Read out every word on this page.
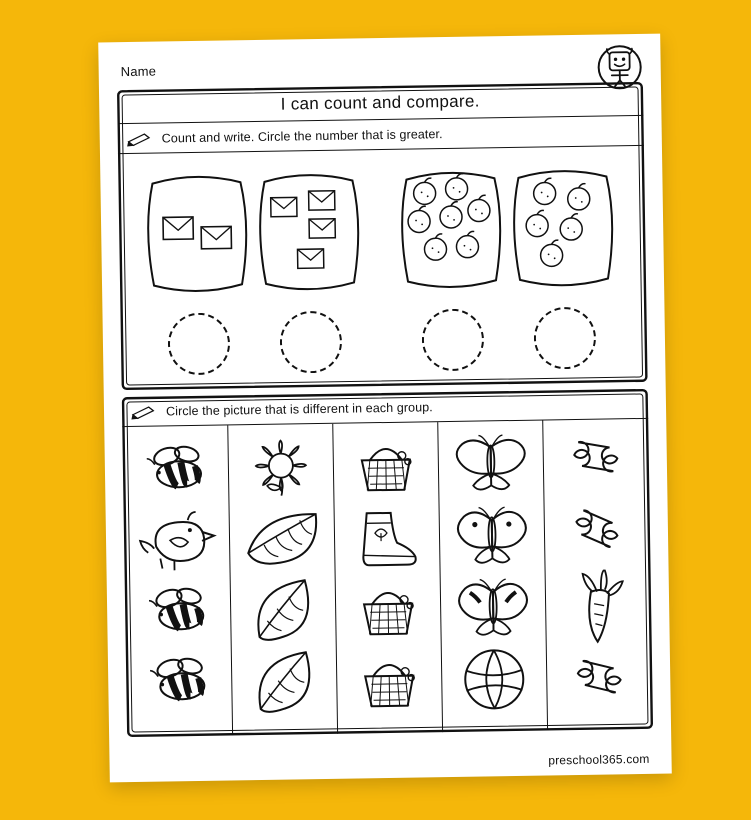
Name
I can count and compare.
Count and write. Circle the number that is greater.
Circle the picture that is different in each group.
preschool365.com
